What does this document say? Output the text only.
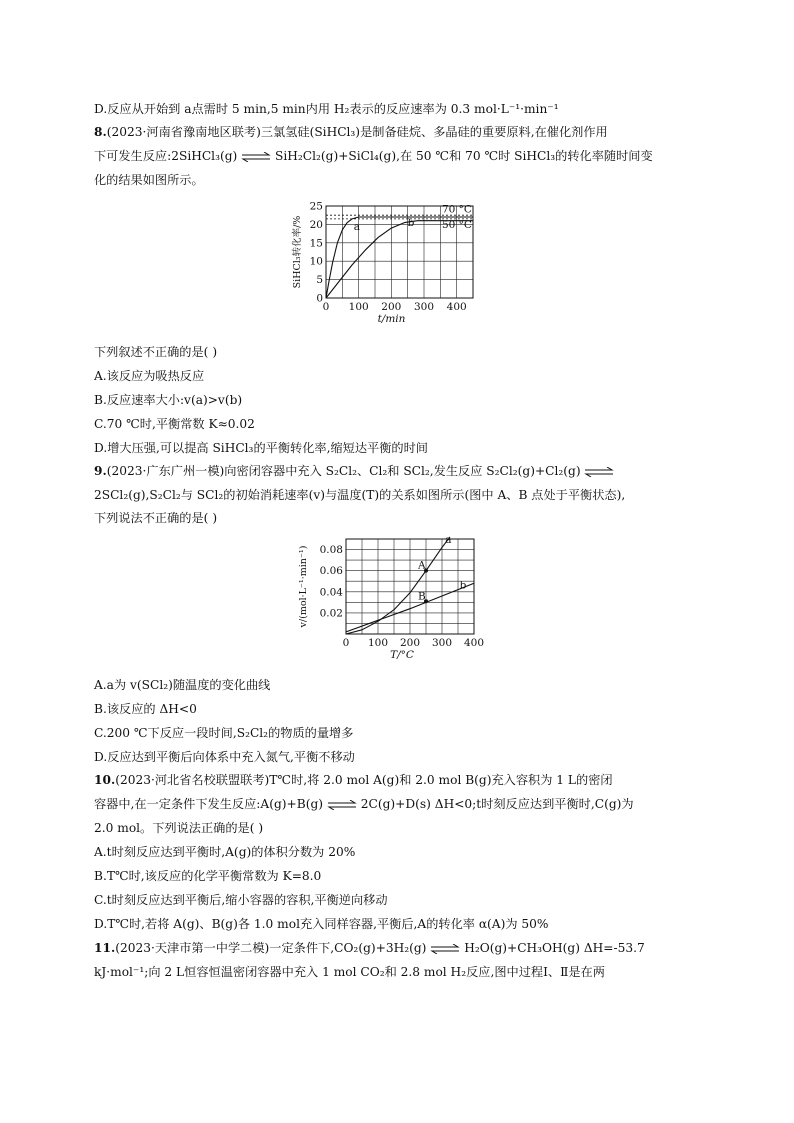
D.反应从开始到 a点需时 5 min,5 min内用 H₂表示的反应速率为 0.3 mol·L⁻¹·min⁻¹
8.(2023·河南省豫南地区联考)三氯氢硅(SiHCl₃)是制备硅烷、多晶硅的重要原料,在催化剂作用
下可发生反应:2SiHCl₃(g) ⇌ SiH₂Cl₂(g)+SiCl₄(g),在 50 ℃和 70 ℃时 SiHCl₃的转化率随时间变
化的结果如图所示。
0 100 200 300 400
0
5
10
15
20
25
t/min
SiHCl₃转化率/%	a	b
70 °C
50 °C
下列叙述不正确的是( )
A.该反应为吸热反应
B.反应速率大小:v(a)>v(b)
C.70 ℃时,平衡常数 K≈0.02
D.增大压强,可以提高 SiHCl₃的平衡转化率,缩短达平衡的时间
9.(2023·广东广州一模)向密闭容器中充入 S₂Cl₂、Cl₂和 SCl₂,发生反应 S₂Cl₂(g)+Cl₂(g) ⇌
2SCl₂(g),S₂Cl₂与 SCl₂的初始消耗速率(v)与温度(T)的关系如图所示(图中 A、B 点处于平衡状态),
下列说法不正确的是( )
0 100 200 300 400
0.02
0.04
0.06
0.08
T/°C
v/(mol·L⁻¹·min⁻¹)	A
B
a
b
A.a为 v(SCl₂)随温度的变化曲线
B.该反应的 ΔH<0
C.200 ℃下反应一段时间,S₂Cl₂的物质的量增多
D.反应达到平衡后向体系中充入氮气,平衡不移动
10.(2023·河北省名校联盟联考)T℃时,将 2.0 mol A(g)和 2.0 mol B(g)充入容积为 1 L的密闭
容器中,在一定条件下发生反应:A(g)+B(g) ⇌ 2C(g)+D(s) ΔH<0;t时刻反应达到平衡时,C(g)为
2.0 mol。下列说法正确的是( )
A.t时刻反应达到平衡时,A(g)的体积分数为 20%
B.T℃时,该反应的化学平衡常数为 K=8.0
C.t时刻反应达到平衡后,缩小容器的容积,平衡逆向移动
D.T℃时,若将 A(g)、B(g)各 1.0 mol充入同样容器,平衡后,A的转化率 α(A)为 50%
11.(2023·天津市第一中学二模)一定条件下,CO₂(g)+3H₂(g) ⇌ H₂O(g)+CH₃OH(g) ΔH=-53.7
kJ·mol⁻¹;向 2 L恒容恒温密闭容器中充入 1 mol CO₂和 2.8 mol H₂反应,图中过程Ⅰ、Ⅱ是在两
